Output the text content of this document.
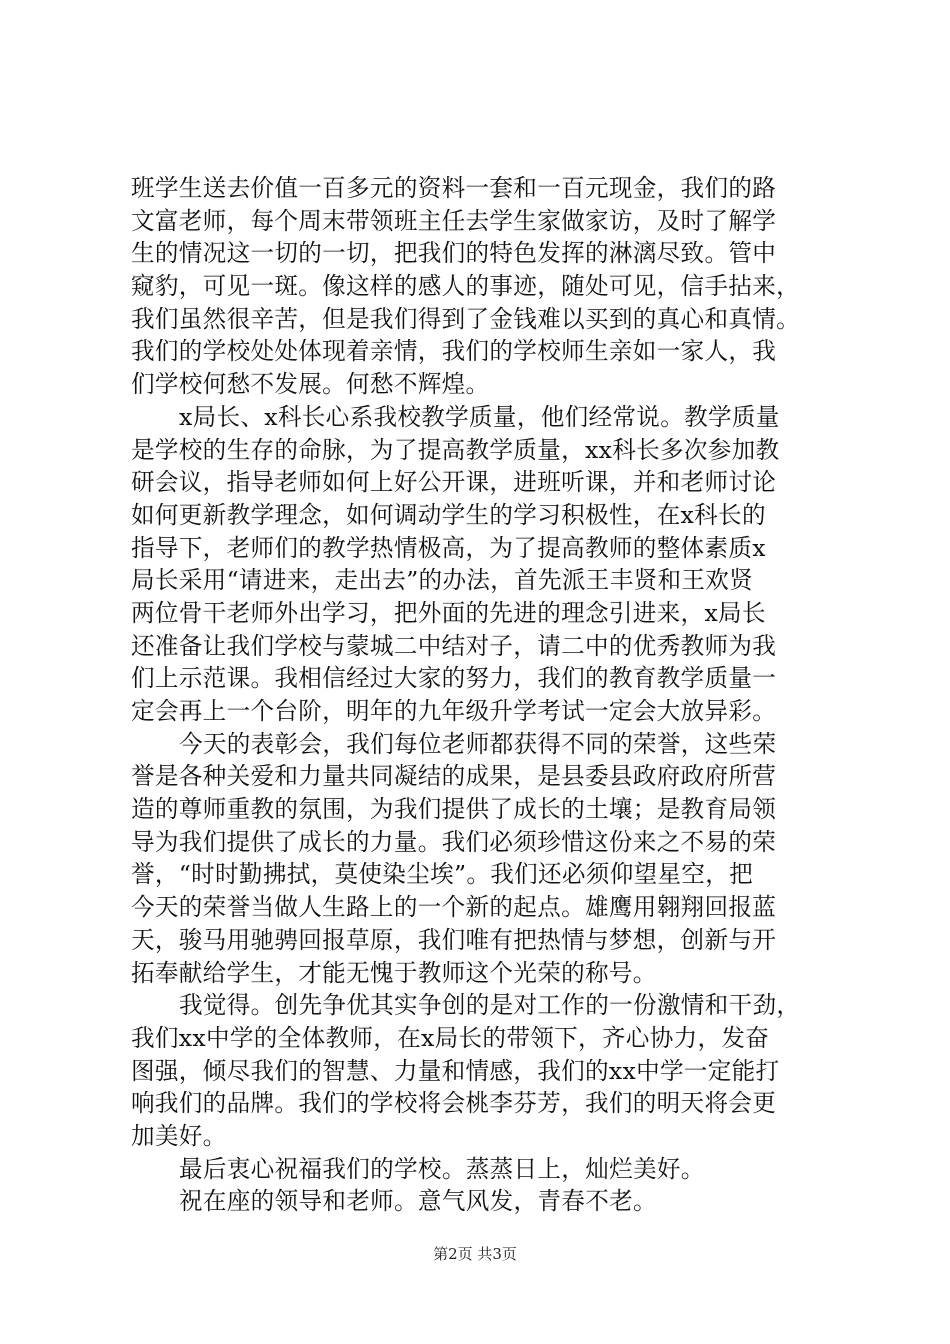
班学生送去价值一百多元的资料一套和一百元现金，我们的路
文富老师，每个周末带领班主任去学生家做家访，及时了解学
生的情况这一切的一切，把我们的特色发挥的淋漓尽致。管中
窥豹，可见一斑。像这样的感人的事迹，随处可见，信手拈来，
我们虽然很辛苦，但是我们得到了金钱难以买到的真心和真情。
我们的学校处处体现着亲情，我们的学校师生亲如一家人，我
们学校何愁不发展。何愁不辉煌。
x局长、x科长心系我校教学质量，他们经常说。教学质量
是学校的生存的命脉，为了提高教学质量，xx科长多次参加教
研会议，指导老师如何上好公开课，进班听课，并和老师讨论
如何更新教学理念，如何调动学生的学习积极性，在x科长的
指导下，老师们的教学热情极高，为了提高教师的整体素质x
局长采用“请进来，走出去”的办法，首先派王丰贤和王欢贤
两位骨干老师外出学习，把外面的先进的理念引进来，x局长
还准备让我们学校与蒙城二中结对子，请二中的优秀教师为我
们上示范课。我相信经过大家的努力，我们的教育教学质量一
定会再上一个台阶，明年的九年级升学考试一定会大放异彩。
今天的表彰会，我们每位老师都获得不同的荣誉，这些荣
誉是各种关爱和力量共同凝结的成果，是县委县政府政府所营
造的尊师重教的氛围，为我们提供了成长的土壤；是教育局领
导为我们提供了成长的力量。我们必须珍惜这份来之不易的荣
誉，“时时勤拂拭，莫使染尘埃”。我们还必须仰望星空，把
今天的荣誉当做人生路上的一个新的起点。雄鹰用翱翔回报蓝
天，骏马用驰骋回报草原，我们唯有把热情与梦想，创新与开
拓奉献给学生，才能无愧于教师这个光荣的称号。
我觉得。创先争优其实争创的是对工作的一份激情和干劲，
我们xx中学的全体教师，在x局长的带领下，齐心协力，发奋
图强，倾尽我们的智慧、力量和情感，我们的xx中学一定能打
响我们的品牌。我们的学校将会桃李芬芳，我们的明天将会更
加美好。
最后衷心祝福我们的学校。蒸蒸日上，灿烂美好。
祝在座的领导和老师。意气风发，青春不老。
第2页 共3页
